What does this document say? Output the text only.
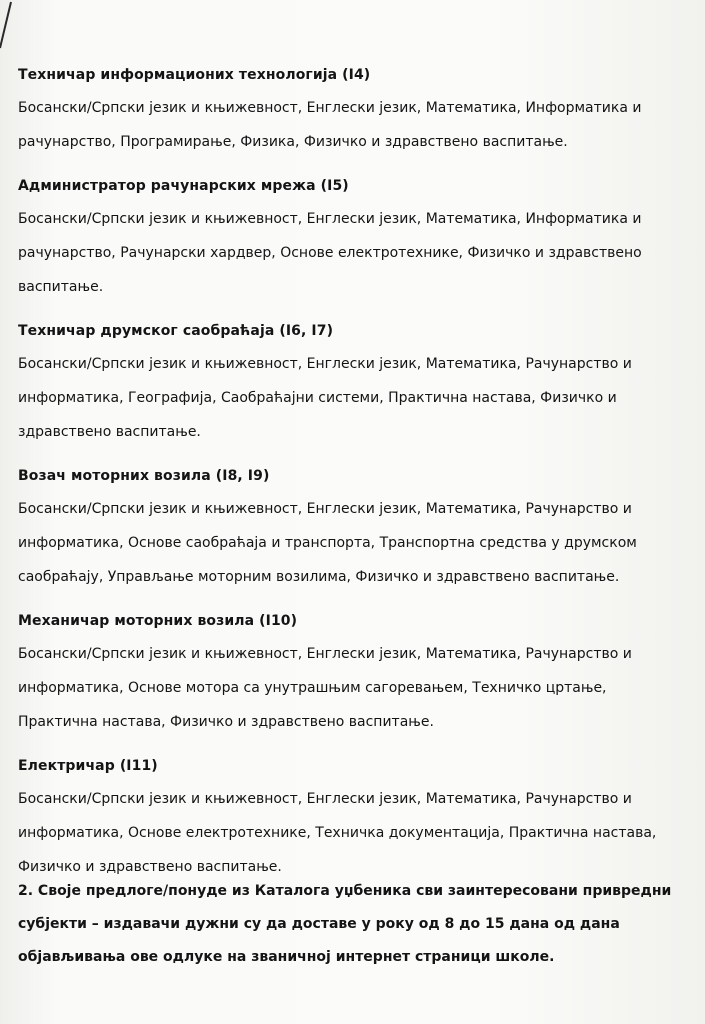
Техничар информационих технологија (I4)
Босански/Српски језик и књижевност, Енглески језик, Математика, Информатика и рачунарство, Програмирање, Физика, Физичко и здравствено васпитање.
Администратор рачунарских мрежа (I5)
Босански/Српски језик и књижевност, Енглески језик, Математика, Информатика и рачунарство, Рачунарски хардвер, Основе електротехнике, Физичко и здравствено васпитање.
Техничар друмског саобраћаја (I6, I7)
Босански/Српски језик и књижевност, Енглески језик, Математика, Рачунарство и информатика, Географија, Саобраћајни системи, Практична настава, Физичко и здравствено васпитање.
Возач моторних возила (I8, I9)
Босански/Српски језик и књижевност, Енглески језик, Математика, Рачунарство и информатика, Основе саобраћаја и транспорта, Транспортна средства у друмском саобраћају, Управљање моторним возилима, Физичко и здравствено васпитање.
Механичар моторних возила (I10)
Босански/Српски језик и књижевност, Енглески језик, Математика, Рачунарство и информатика, Основе мотора са унутрашњим сагоревањем, Техничко цртање, Практична настава, Физичко и здравствено васпитање.
Електричар (I11)
Босански/Српски језик и књижевност, Енглески језик, Математика, Рачунарство и информатика, Основе електротехнике, Техничка документација, Практична настава, Физичко и здравствено васпитање.

2. Своје предлоге/понуде из Каталога уџбеника сви заинтересовани привредни субјекти – издавачи дужни су да доставе у року од 8 до 15 дана од дана објављивања ове одлуке на званичној интернет страници школе.
